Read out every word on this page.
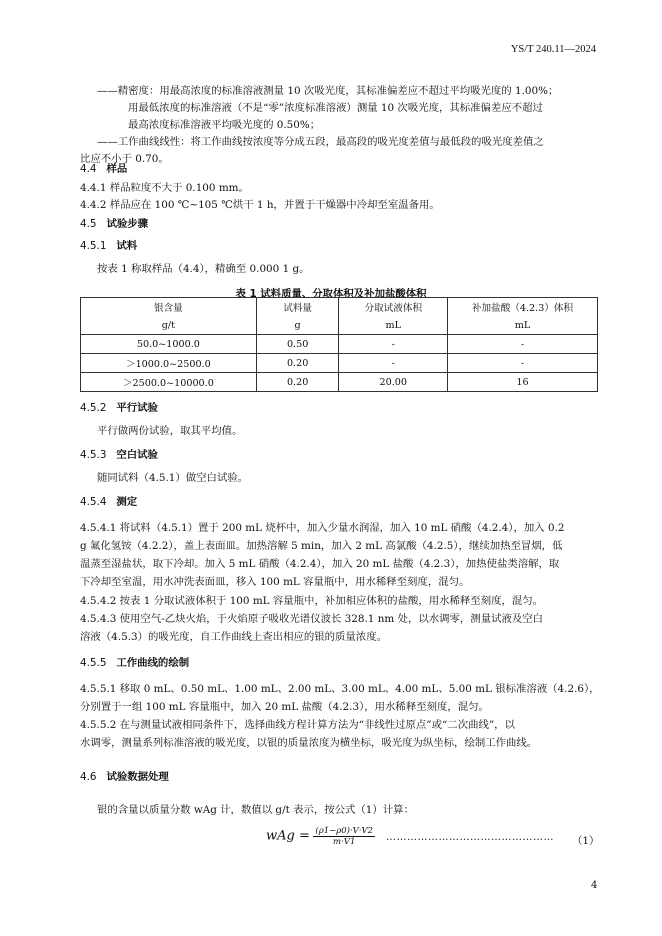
YS/T 240.11—2024
——精密度：用最高浓度的标准溶液测量 10 次吸光度，其标准偏差应不超过平均吸光度的 1.00%；
用最低浓度的标准溶液（不是“零”浓度标准溶液）测量 10 次吸光度，其标准偏差应不超过
最高浓度标准溶液平均吸光度的 0.50%；
——工作曲线线性：将工作曲线按浓度等分成五段，最高段的吸光度差值与最低段的吸光度差值之
比应不小于 0.70。
4.4 样品
4.4.1 样品粒度不大于 0.100 mm。
4.4.2 样品应在 100 ℃~105 ℃烘干 1 h，并置于干燥器中冷却至室温备用。
4.5 试验步骤
4.5.1 试料
按表 1 称取样品（4.4），精确至 0.000 1 g。
表 1 试料质量、分取体积及补加盐酸体积
银含量	试料量	分取试液体积	补加盐酸（4.2.3）体积
g/t	g	mL	mL
50.0~1000.0	0.50	-	-
＞1000.0~2500.0	0.20	-	-
＞2500.0~10000.0	0.20	20.00	16
4.5.2 平行试验
平行做两份试验，取其平均值。
4.5.3 空白试验
随同试料（4.5.1）做空白试验。
4.5.4 测定
4.5.4.1 将试料（4.5.1）置于 200 mL 烧杯中，加入少量水润湿，加入 10 mL 硝酸（4.2.4），加入 0.2
g 氟化氢铵（4.2.2），盖上表面皿。加热溶解 5 min，加入 2 mL 高氯酸（4.2.5），继续加热至冒烟，低
温蒸至湿盐状，取下冷却。加入 5 mL 硝酸（4.2.4），加入 20 mL 盐酸（4.2.3），加热使盐类溶解，取
下冷却至室温，用水冲洗表面皿，移入 100 mL 容量瓶中，用水稀释至刻度，混匀。
4.5.4.2 按表 1 分取试液体积于 100 mL 容量瓶中，补加相应体积的盐酸，用水稀释至刻度，混匀。
4.5.4.3 使用空气-乙炔火焰，于火焰原子吸收光谱仪波长 328.1 nm 处，以水调零，测量试液及空白
溶液（4.5.3）的吸光度，自工作曲线上查出相应的银的质量浓度。
4.5.5 工作曲线的绘制
4.5.5.1 移取 0 mL、0.50 mL、1.00 mL、2.00 mL、3.00 mL、4.00 mL、5.00 mL 银标准溶液（4.2.6），
分别置于一组 100 mL 容量瓶中，加入 20 mL 盐酸（4.2.3），用水稀释至刻度，混匀。
4.5.5.2 在与测量试液相同条件下，选择曲线方程计算方法为“非线性过原点”或“二次曲线”，以
水调零，测量系列标准溶液的吸光度，以银的质量浓度为横坐标，吸光度为纵坐标，绘制工作曲线。
4.6 试验数据处理
银的含量以质量分数 wAg 计，数值以 g/t 表示，按公式（1）计算：
wAg = $\frac{(\rho 1-\rho 0)\cdot V\cdot V2}{m\cdot V1}$ ………………………………………… （1）
4
